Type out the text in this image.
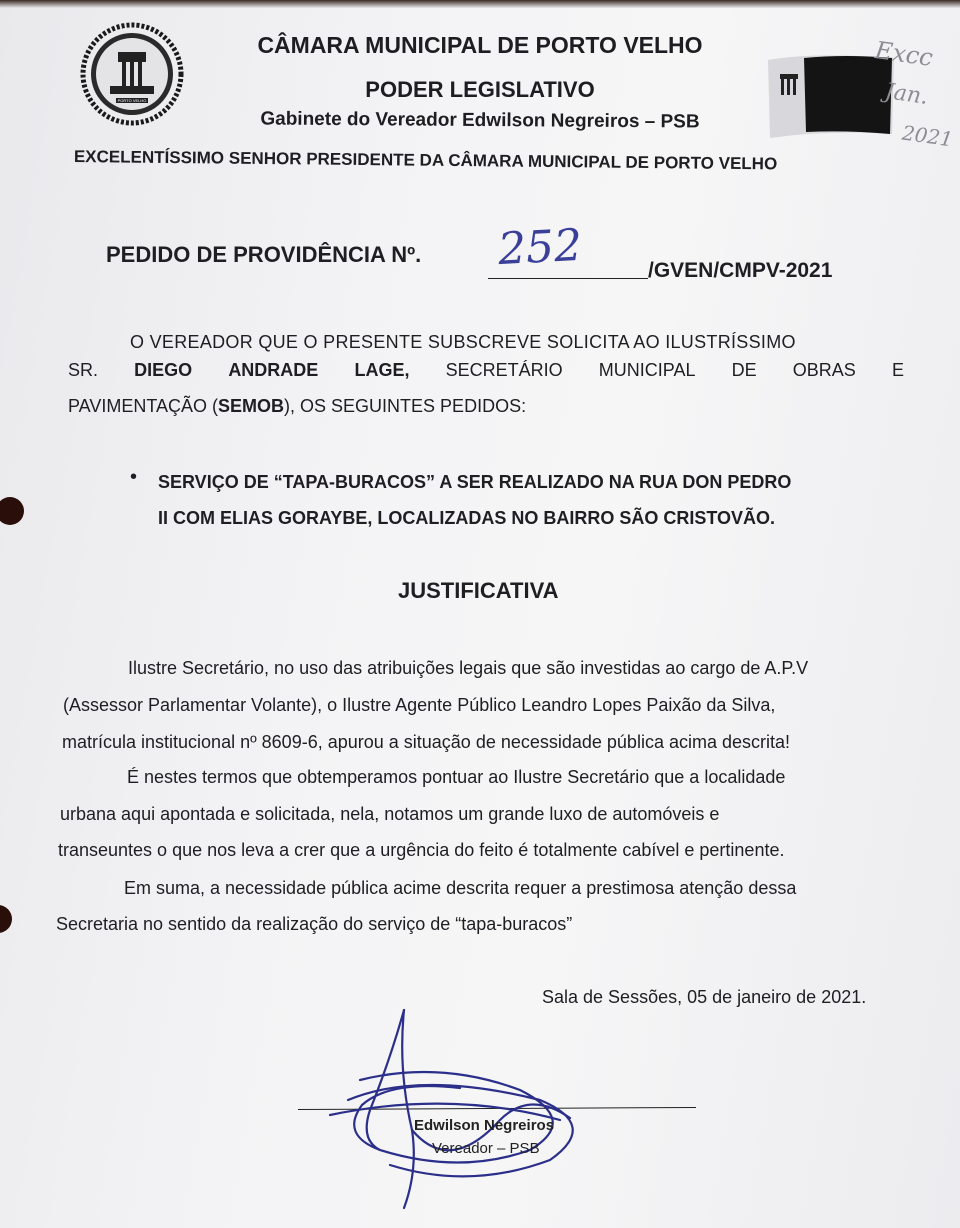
PORTO VELHO
CÂMARA MUNICIPAL DE PORTO VELHO
PODER LEGISLATIVO
Gabinete do Vereador Edwilson Negreiros – PSB
Excc
Jan.
2021
EXCELENTÍSSIMO SENHOR PRESIDENTE DA CÂMARA MUNICIPAL DE PORTO VELHO
PEDIDO DE PROVIDÊNCIA Nº. 252	/GVEN/CMPV-2021
O VEREADOR QUE O PRESENTE SUBSCREVE SOLICITA AO ILUSTRÍSSIMO
SR. DIEGO ANDRADE LAGE, SECRETÁRIO MUNICIPAL DE OBRAS E
PAVIMENTAÇÃO (SEMOB), OS SEGUINTES PEDIDOS:
• SERVIÇO DE “TAPA-BURACOS” A SER REALIZADO NA RUA DON PEDRO
II COM ELIAS GORAYBE, LOCALIZADAS NO BAIRRO SÃO CRISTOVÃO.
JUSTIFICATIVA
Ilustre Secretário, no uso das atribuições legais que são investidas ao cargo de A.P.V
(Assessor Parlamentar Volante), o Ilustre Agente Público Leandro Lopes Paixão da Silva,
matrícula institucional nº 8609-6, apurou a situação de necessidade pública acima descrita!
É nestes termos que obtemperamos pontuar ao Ilustre Secretário que a localidade
urbana aqui apontada e solicitada, nela, notamos um grande luxo de automóveis e
transeuntes o que nos leva a crer que a urgência do feito é totalmente cabível e pertinente.
Em suma, a necessidade pública acime descrita requer a prestimosa atenção dessa
Secretaria no sentido da realização do serviço de “tapa-buracos”
Sala de Sessões, 05 de janeiro de 2021.
Edwilson Negreiros
Vereador – PSB
